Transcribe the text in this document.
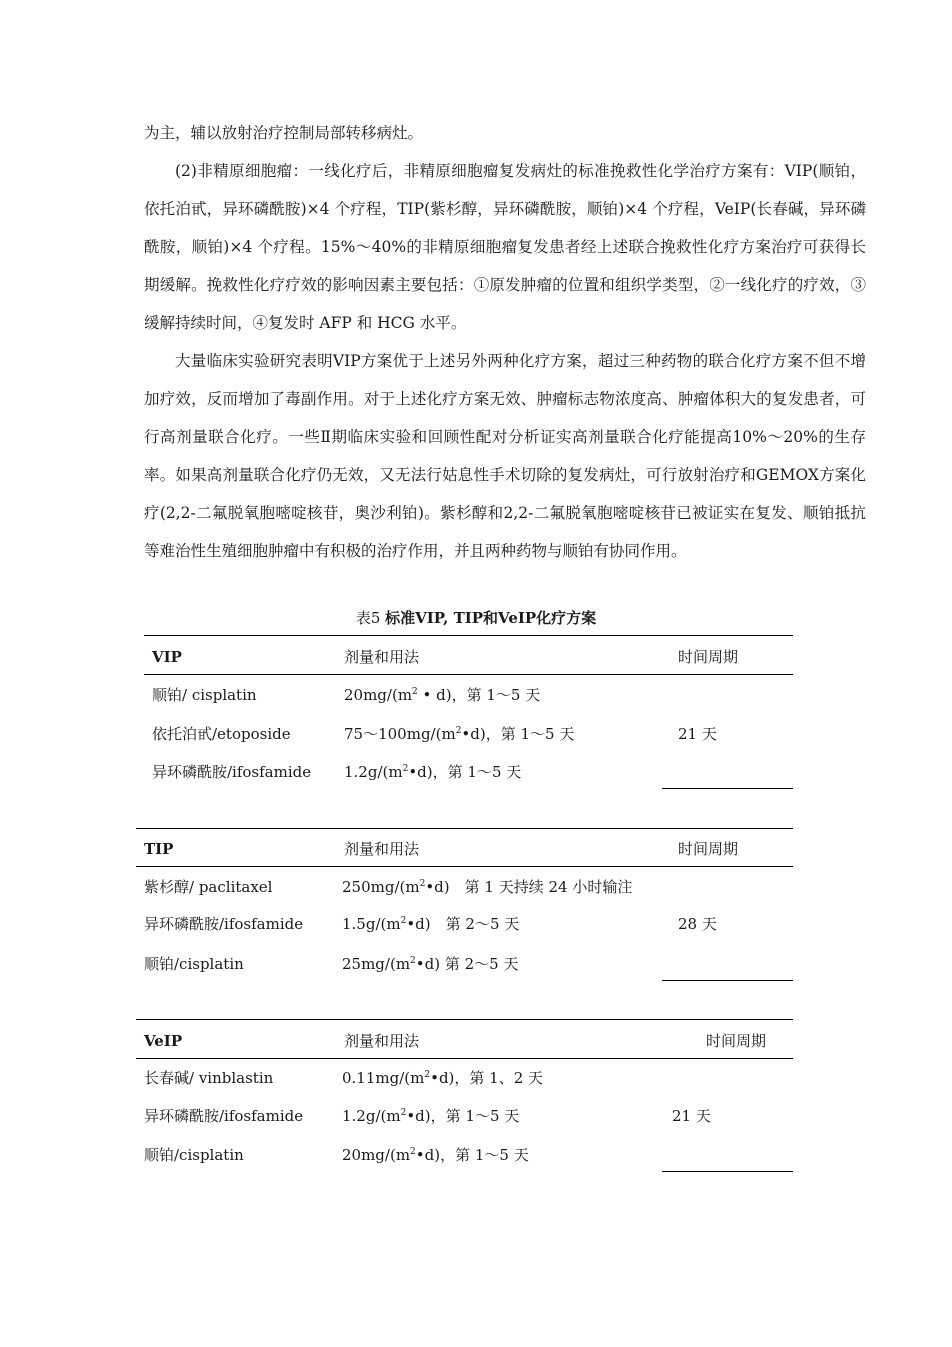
为主，辅以放射治疗控制局部转移病灶。

(2)非精原细胞瘤：一线化疗后，非精原细胞瘤复发病灶的标准挽救性化学治疗方案有：VIP(顺铂，依托泊甙，异环磷酰胺)×4 个疗程，TIP(紫杉醇，异环磷酰胺，顺铂)×4 个疗程，VeIP(长春碱，异环磷酰胺，顺铂)×4 个疗程。15%～40%的非精原细胞瘤复发患者经上述联合挽救性化疗方案治疗可获得长期缓解。挽救性化疗疗效的影响因素主要包括：①原发肿瘤的位置和组织学类型，②一线化疗的疗效，③缓解持续时间，④复发时 AFP 和 HCG 水平。

大量临床实验研究表明VIP方案优于上述另外两种化疗方案，超过三种药物的联合化疗方案不但不增加疗效，反而增加了毒副作用。对于上述化疗方案无效、肿瘤标志物浓度高、肿瘤体积大的复发患者，可行高剂量联合化疗。一些Ⅱ期临床实验和回顾性配对分析证实高剂量联合化疗能提高10%～20%的生存率。如果高剂量联合化疗仍无效，又无法行姑息性手术切除的复发病灶，可行放射治疗和GEMOX方案化疗(2,2-二氟脱氧胞嘧啶核苷，奥沙利铂)。紫杉醇和2,2-二氟脱氧胞嘧啶核苷已被证实在复发、顺铂抵抗等难治性生殖细胞肿瘤中有积极的治疗作用，并且两种药物与顺铂有协同作用。

表5 标准VIP, TIP和VeIP化疗方案
VIP	剂量和用法	时间周期
顺铂/ cisplatin	$20mg/(m^2$ • d)，第 1～5 天
依托泊甙/etoposide	$75\sim 100mg/(m^2•d)$，第 1～5 天	21 天
异环磷酰胺/ifosfamide $1.2g/(m^2•d)$，第 1～5 天
TIP	剂量和用法	时间周期
紫杉醇/ paclitaxel	$250mg/(m^2•d)$　第 1 天持续 24 小时输注
异环磷酰胺/ifosfamide	$1.5g/(m^2•d)$　第 2～5 天	28 天
顺铂/cisplatin	$25mg/(m^2•d)$ 第 2～5 天
VeIP	剂量和用法	时间周期
长春碱/ vinblastin	$0.11mg/(m^2•d)$，第 1、2 天
异环磷酰胺/ifosfamide	$1.2g/(m^2•d)$，第 1～5 天	21 天
顺铂/cisplatin	$20mg/(m^2•d)$，第 1～5 天
